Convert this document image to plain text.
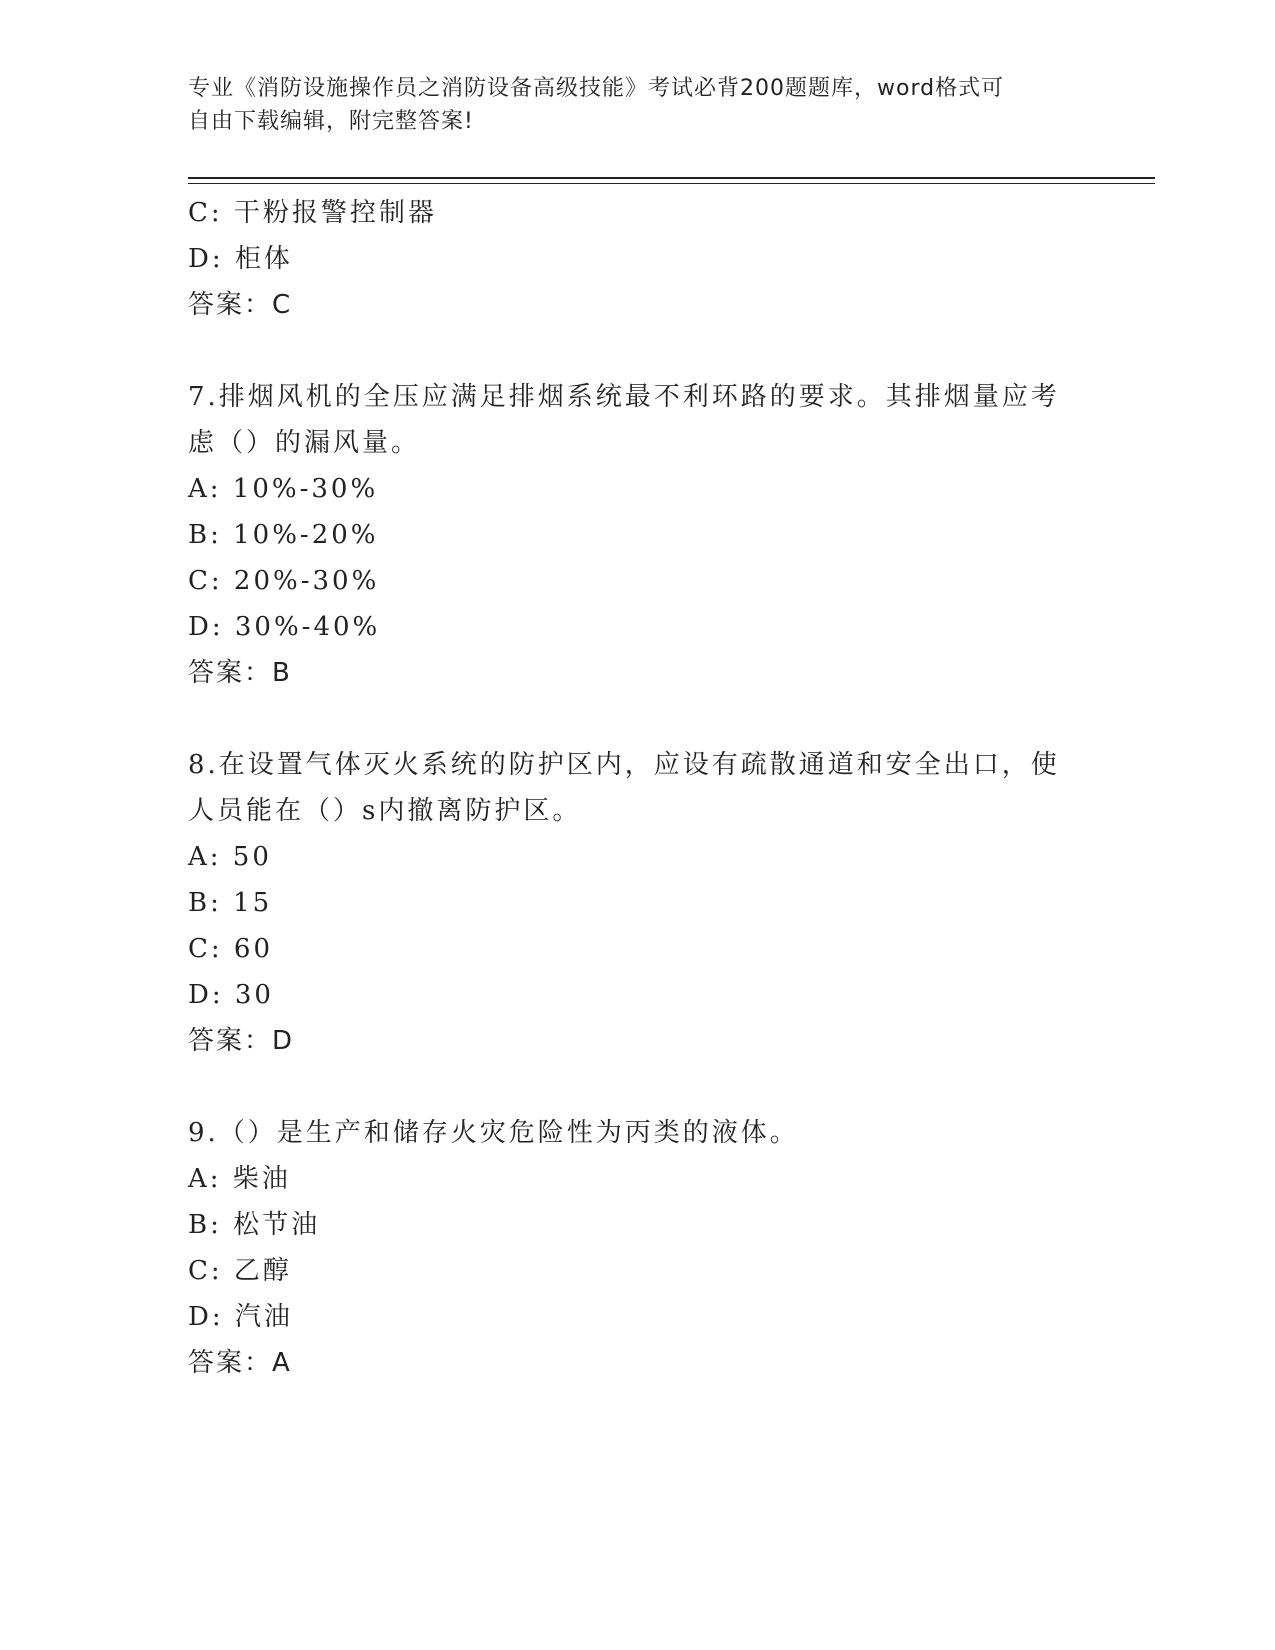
专业《消防设施操作员之消防设备高级技能》考试必背200题题库，word格式可
自由下载编辑，附完整答案!
C: 干粉报警控制器
D: 柜体
答案：C
7.排烟风机的全压应满足排烟系统最不利环路的要求。其排烟量应考
虑（）的漏风量。
A: 10%-30%
B: 10%-20%
C: 20%-30%
D: 30%-40%
答案：B
8.在设置气体灭火系统的防护区内，应设有疏散通道和安全出口，使
人员能在（）s内撤离防护区。
A: 50
B: 15
C: 60
D: 30
答案：D
9.（）是生产和储存火灾危险性为丙类的液体。
A: 柴油
B: 松节油
C: 乙醇
D: 汽油
答案：A
